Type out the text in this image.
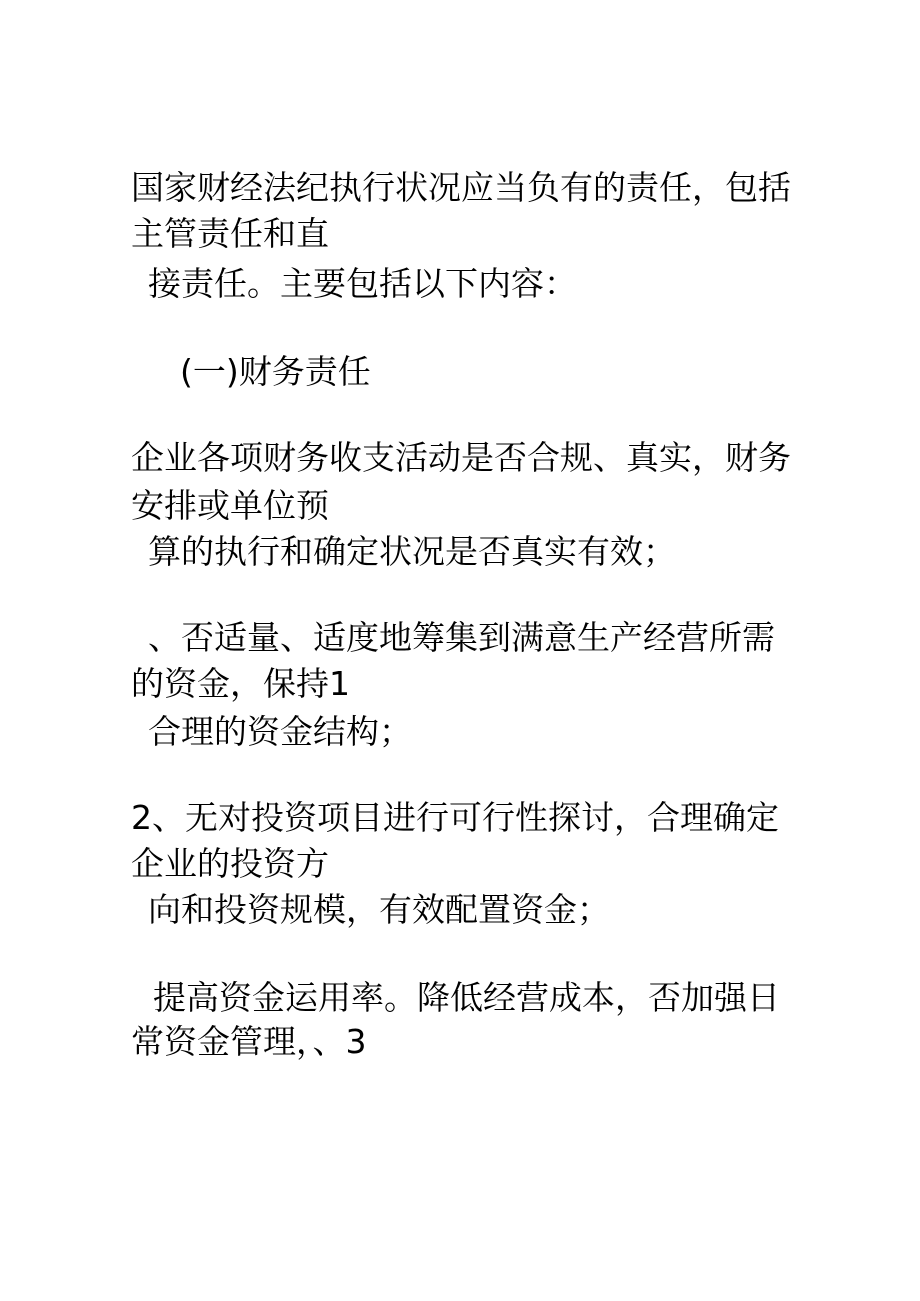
国家财经法纪执行状况应当负有的责任，包括
主管责任和直
接责任。主要包括以下内容：
(一)财务责任
企业各项财务收支活动是否合规、真实，财务
安排或单位预
算的执行和确定状况是否真实有效；
、否适量、适度地筹集到满意生产经营所需
的资金，保持1
合理的资金结构；
2、无对投资项目进行可行性探讨，合理确定
企业的投资方
向和投资规模，有效配置资金；
提高资金运用率。降低经营成本，否加强日
常资金管理，、3
